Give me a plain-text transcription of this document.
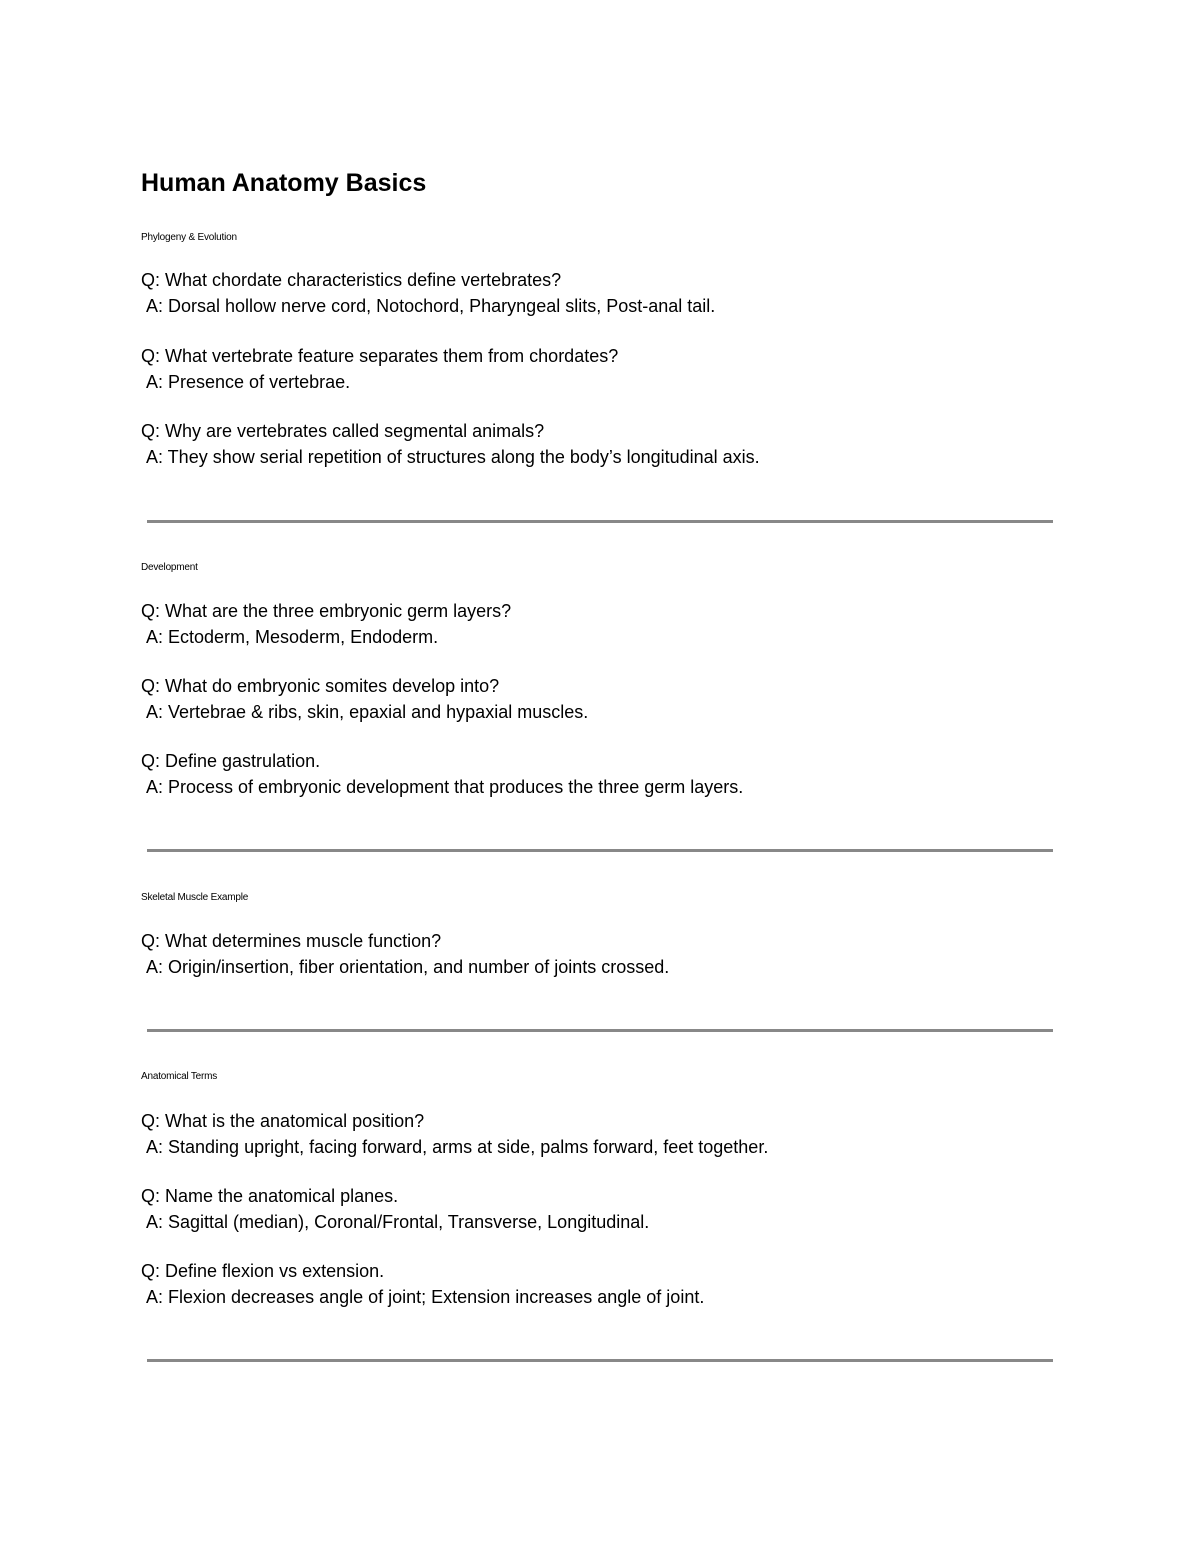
Human Anatomy Basics
Phylogeny & Evolution
Q: What chordate characteristics define vertebrates?
A: Dorsal hollow nerve cord, Notochord, Pharyngeal slits, Post-anal tail.
Q: What vertebrate feature separates them from chordates?
A: Presence of vertebrae.
Q: Why are vertebrates called segmental animals?
A: They show serial repetition of structures along the body’s longitudinal axis.
Development
Q: What are the three embryonic germ layers?
A: Ectoderm, Mesoderm, Endoderm.
Q: What do embryonic somites develop into?
A: Vertebrae & ribs, skin, epaxial and hypaxial muscles.
Q: Define gastrulation.
A: Process of embryonic development that produces the three germ layers.
Skeletal Muscle Example
Q: What determines muscle function?
A: Origin/insertion, fiber orientation, and number of joints crossed.
Anatomical Terms
Q: What is the anatomical position?
A: Standing upright, facing forward, arms at side, palms forward, feet together.
Q: Name the anatomical planes.
A: Sagittal (median), Coronal/Frontal, Transverse, Longitudinal.
Q: Define flexion vs extension.
A: Flexion decreases angle of joint; Extension increases angle of joint.
